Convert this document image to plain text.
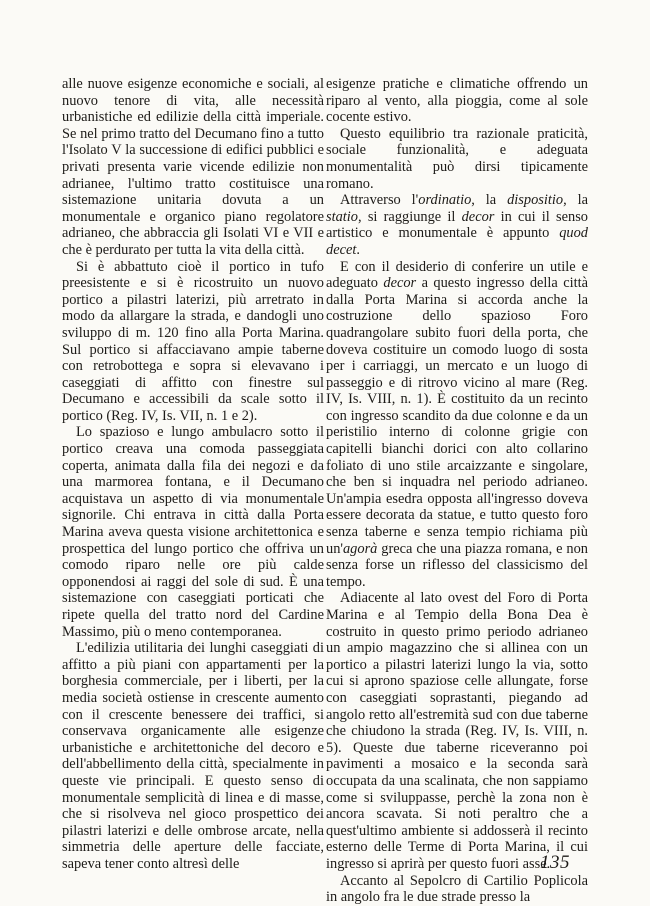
alle nuove esigenze economiche e sociali, al nuovo tenore di vita, alle necessità urbanistiche ed edilizie della città imperiale. Se nel primo tratto del Decumano fino a tutto l'Isolato V la successione di edifici pubblici e privati presenta varie vicende edilizie non adrianee, l'ultimo tratto costituisce una sistemazione unitaria dovuta a un monumentale e organico piano regolatore adrianeo, che abbraccia gli Isolati VI e VII e che è perdurato per tutta la vita della città.

Si è abbattuto cioè il portico in tufo preesistente e si è ricostruito un nuovo portico a pilastri laterizi, più arretrato in modo da allargare la strada, e dandogli uno sviluppo di m. 120 fino alla Porta Marina. Sul portico si affacciavano ampie taberne con retrobottega e sopra si elevavano i caseggiati di affitto con finestre sul Decumano e accessibili da scale sotto il portico (Reg. IV, Is. VII, n. 1 e 2).

Lo spazioso e lungo ambulacro sotto il portico creava una comoda passeggiata coperta, animata dalla fila dei negozi e da una marmorea fontana, e il Decumano acquistava un aspetto di via monumentale signorile. Chi entrava in città dalla Porta Marina aveva questa visione architettonica e prospettica del lungo portico che offriva un comodo riparo nelle ore più calde opponendosi ai raggi del sole di sud. È una sistemazione con caseggiati porticati che ripete quella del tratto nord del Cardine Massimo, più o meno contemporanea.

L'edilizia utilitaria dei lunghi caseggiati di affitto a più piani con appartamenti per la borghesia commerciale, per i liberti, per la media società ostiense in crescente aumento con il crescente benessere dei traffici, si conservava organicamente alle esigenze urbanistiche e architettoniche del decoro e dell'abbellimento della città, specialmente in queste vie principali. E questo senso di monumentale semplicità di linea e di masse, che si risolveva nel gioco prospettico dei pilastri laterizi e delle ombrose arcate, nella simmetria delle aperture delle facciate, sapeva tener conto altresì delle

esigenze pratiche e climatiche offrendo un riparo al vento, alla pioggia, come al sole cocente estivo.

Questo equilibrio tra razionale praticità, sociale funzionalità, e adeguata monumentalità può dirsi tipicamente romano.

Attraverso l'ordinatio, la dispositio, la statio, si raggiunge il decor in cui il senso artistico e monumentale è appunto quod decet.

E con il desiderio di conferire un utile e adeguato decor a questo ingresso della città dalla Porta Marina si accorda anche la costruzione dello spazioso Foro quadrangolare subito fuori della porta, che doveva costituire un comodo luogo di sosta per i carriaggi, un mercato e un luogo di passeggio e di ritrovo vicino al mare (Reg. IV, Is. VIII, n. 1). È costituito da un recinto con ingresso scandito da due colonne e da un peristilio interno di colonne grigie con capitelli bianchi dorici con alto collarino foliato di uno stile arcaizzante e singolare, che ben si inquadra nel periodo adrianeo. Un'ampia esedra opposta all'ingresso doveva essere decorata da statue, e tutto questo foro senza taberne e senza tempio richiama più un'agorà greca che una piazza romana, e non senza forse un riflesso del classicismo del tempo.

Adiacente al lato ovest del Foro di Porta Marina e al Tempio della Bona Dea è costruito in questo primo periodo adrianeo un ampio magazzino che si allinea con un portico a pilastri laterizi lungo la via, sotto cui si aprono spaziose celle allungate, forse con caseggiati soprastanti, piegando ad angolo retto all'estremità sud con due taberne che chiudono la strada (Reg. IV, Is. VIII, n. 5). Queste due taberne riceveranno poi pavimenti a mosaico e la seconda sarà occupata da una scalinata, che non sappiamo come si sviluppasse, perchè la zona non è ancora scavata. Si noti peraltro che a quest'ultimo ambiente si addosserà il recinto esterno delle Terme di Porta Marina, il cui ingresso si aprirà per questo fuori asse.

Accanto al Sepolcro di Cartilio Poplicola in angolo fra le due strade presso la

135
